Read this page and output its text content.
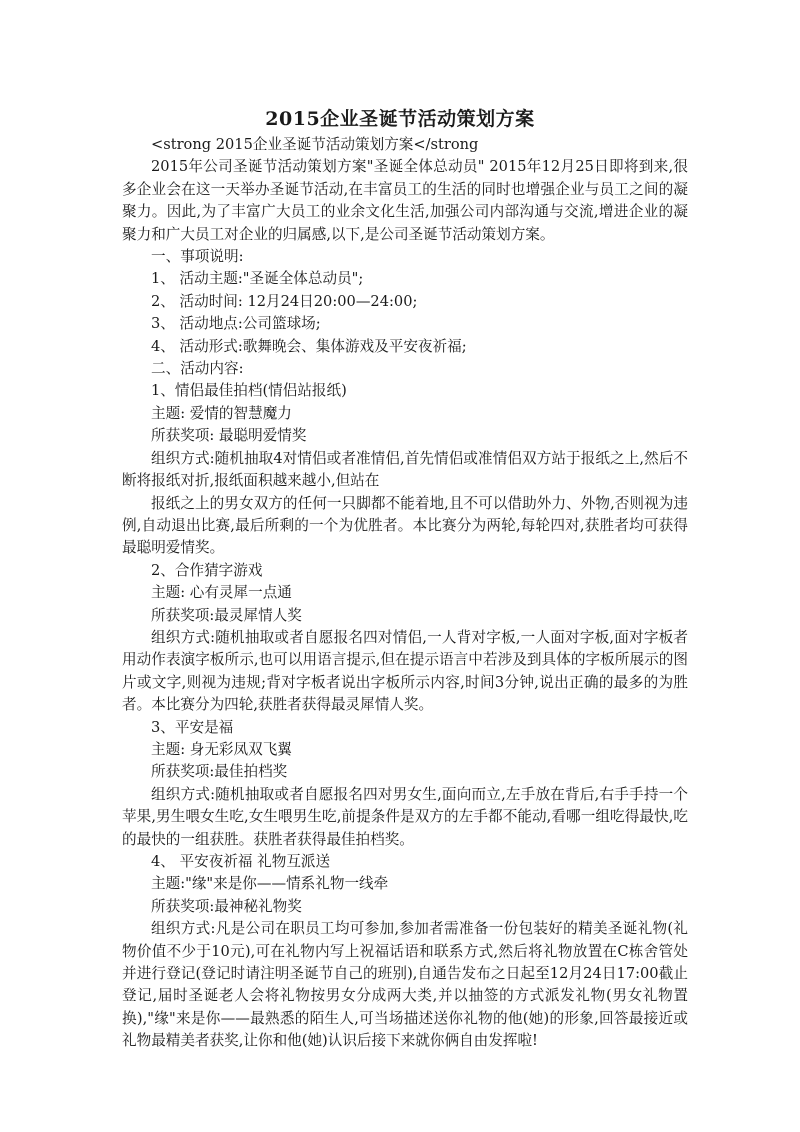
2015企业圣诞节活动策划方案

<strong 2015企业圣诞节活动策划方案</strong

2015年公司圣诞节活动策划方案"圣诞全体总动员" 2015年12月25日即将到来,很多企业会在这一天举办圣诞节活动,在丰富员工的生活的同时也增强企业与员工之间的凝聚力。因此,为了丰富广大员工的业余文化生活,加强公司内部沟通与交流,增进企业的凝聚力和广大员工对企业的归属感,以下,是公司圣诞节活动策划方案。

一、事项说明:

1、 活动主题:"圣诞全体总动员";

2、 活动时间: 12月24日20:00—24:00;

3、 活动地点:公司篮球场;

4、 活动形式:歌舞晚会、集体游戏及平安夜祈福;

二、活动内容:

1、情侣最佳拍档(情侣站报纸)

主题: 爱情的智慧魔力

所获奖项: 最聪明爱情奖

组织方式:随机抽取4对情侣或者准情侣,首先情侣或准情侣双方站于报纸之上,然后不断将报纸对折,报纸面积越来越小,但站在

报纸之上的男女双方的任何一只脚都不能着地,且不可以借助外力、外物,否则视为违例,自动退出比赛,最后所剩的一个为优胜者。本比赛分为两轮,每轮四对,获胜者均可获得最聪明爱情奖。

2、合作猜字游戏

主题: 心有灵犀一点通

所获奖项:最灵犀情人奖

组织方式:随机抽取或者自愿报名四对情侣,一人背对字板,一人面对字板,面对字板者用动作表演字板所示,也可以用语言提示,但在提示语言中若涉及到具体的字板所展示的图片或文字,则视为违规;背对字板者说出字板所示内容,时间3分钟,说出正确的最多的为胜者。本比赛分为四轮,获胜者获得最灵犀情人奖。

3、平安是福

主题: 身无彩凤双飞翼

所获奖项:最佳拍档奖

组织方式:随机抽取或者自愿报名四对男女生,面向而立,左手放在背后,右手手持一个苹果,男生喂女生吃,女生喂男生吃,前提条件是双方的左手都不能动,看哪一组吃得最快,吃的最快的一组获胜。获胜者获得最佳拍档奖。

4、 平安夜祈福 礼物互派送

主题:"缘"来是你——情系礼物一线牵

所获奖项:最神秘礼物奖

组织方式:凡是公司在职员工均可参加,参加者需准备一份包装好的精美圣诞礼物(礼物价值不少于10元),可在礼物内写上祝福话语和联系方式,然后将礼物放置在C栋舍管处并进行登记(登记时请注明圣诞节自己的班别),自通告发布之日起至12月24日17:00截止登记,届时圣诞老人会将礼物按男女分成两大类,并以抽签的方式派发礼物(男女礼物置换),"缘"来是你——最熟悉的陌生人,可当场描述送你礼物的他(她)的形象,回答最接近或礼物最精美者获奖,让你和他(她)认识后接下来就你俩自由发挥啦!
